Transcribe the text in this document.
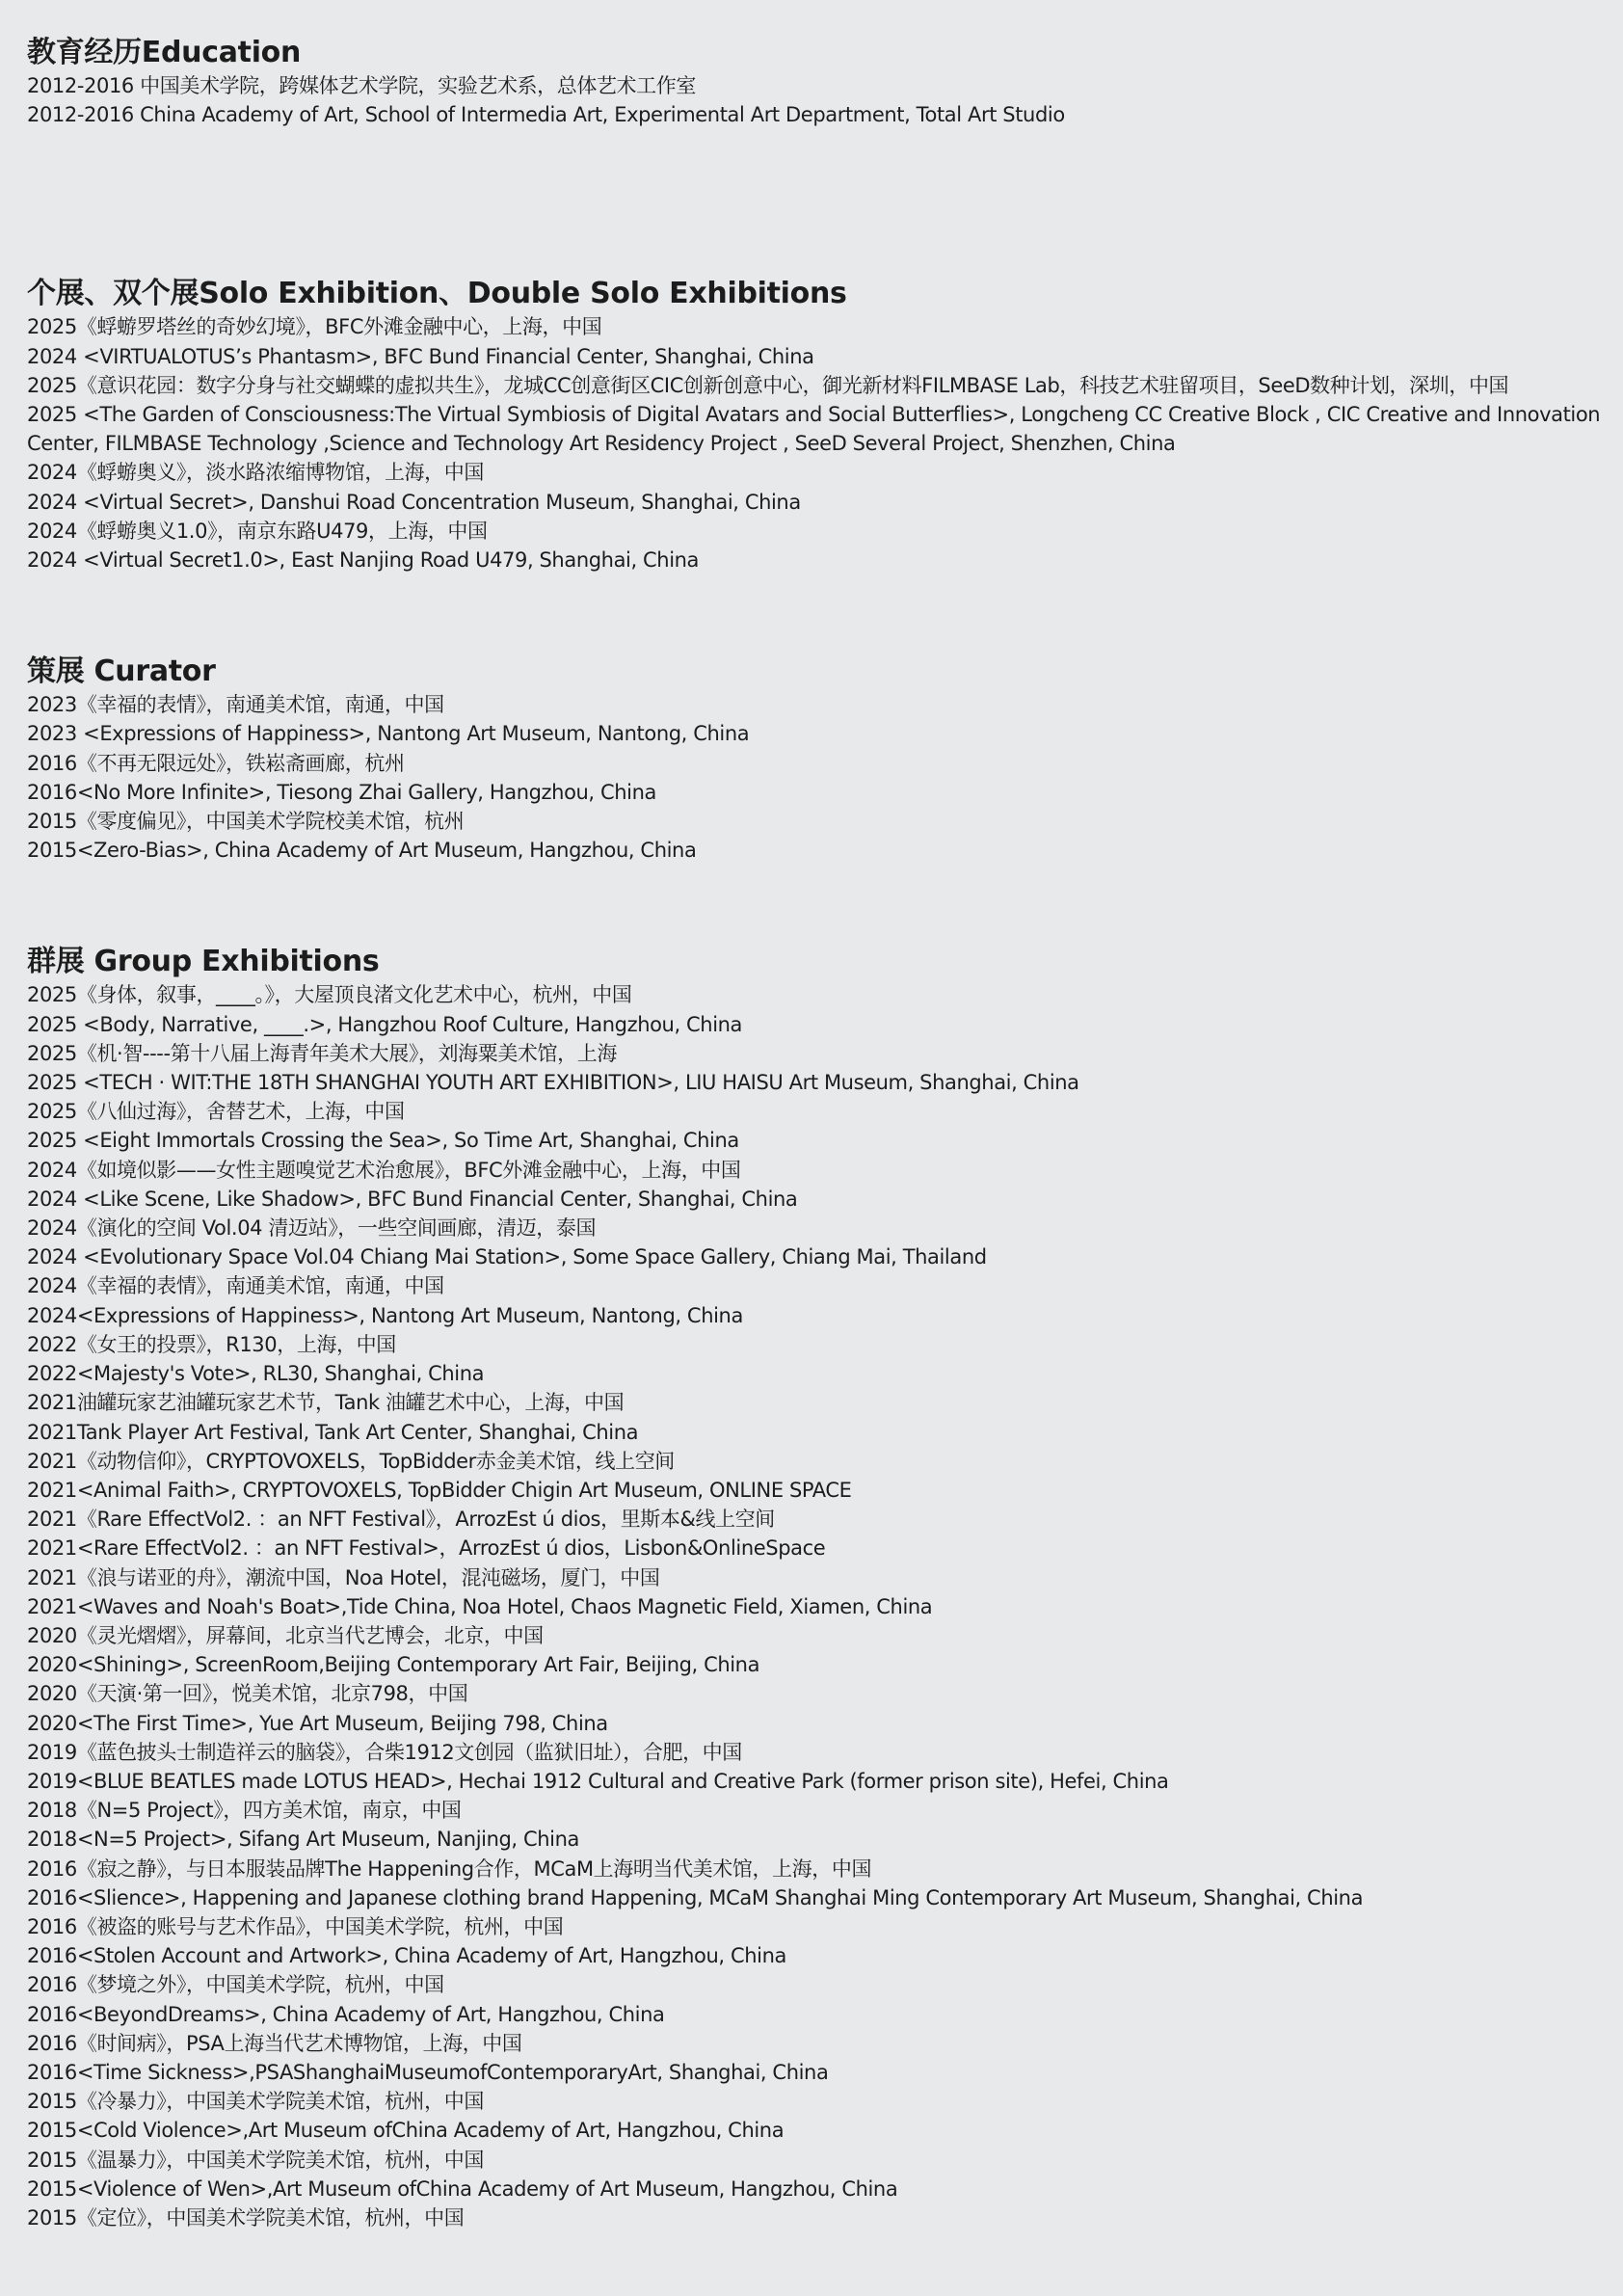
教育经历Education
2012-2016 中国美术学院，跨媒体艺术学院，实验艺术系，总体艺术工作室
2012-2016 China Academy of Art, School of Intermedia Art, Experimental Art Department, Total Art Studio
个展、双个展Solo Exhibition、Double Solo Exhibitions
2025《蜉蝣罗塔丝的奇妙幻境》，BFC外滩金融中心，上海，中国
2024 <VIRTUALOTUS’s Phantasm>, BFC Bund Financial Center, Shanghai, China
2025《意识花园：数字分身与社交蝴蝶的虚拟共生》，龙城CC创意街区CIC创新创意中心，御光新材料FILMBASE Lab，科技艺术驻留项目，SeeD数种计划，深圳，中国
2025 <The Garden of Consciousness:The Virtual Symbiosis of Digital Avatars and Social Butterflies>, Longcheng CC Creative Block , CIC Creative and Innovation Center, FILMBASE Technology ,Science and Technology Art Residency Project , SeeD Several Project, Shenzhen, China
2024《蜉蝣奥义》，淡水路浓缩博物馆，上海，中国
2024 <Virtual Secret>, Danshui Road Concentration Museum, Shanghai, China
2024《蜉蝣奥义1.0》，南京东路U479，上海，中国
2024 <Virtual Secret1.0>, East Nanjing Road U479, Shanghai, China
策展 Curator
2023《幸福的表情》，南通美术馆，南通，中国
2023 <Expressions of Happiness>, Nantong Art Museum, Nantong, China
2016《不再无限远处》，铁崧斋画廊，杭州
2016<No More Infinite>, Tiesong Zhai Gallery, Hangzhou, China
2015《零度偏见》，中国美术学院校美术馆，杭州
2015<Zero-Bias>, China Academy of Art Museum, Hangzhou, China
群展 Group Exhibitions
2025《身体，叙事，____。》，大屋顶良渚文化艺术中心，杭州，中国
2025 <Body, Narrative, ____.>, Hangzhou Roof Culture, Hangzhou, China
2025《机·智----第十八届上海青年美术大展》，刘海粟美术馆，上海
2025 <TECH · WIT:THE 18TH SHANGHAI YOUTH ART EXHIBITION>, LIU HAISU Art Museum, Shanghai, China
2025《八仙过海》，舍替艺术，上海，中国
2025 <Eight Immortals Crossing the Sea>, So Time Art, Shanghai, China
2024《如境似影——女性主题嗅觉艺术治愈展》，BFC外滩金融中心，上海，中国
2024 <Like Scene, Like Shadow>, BFC Bund Financial Center, Shanghai, China
2024《演化的空间 Vol.04 清迈站》，一些空间画廊，清迈，泰国
2024 <Evolutionary Space Vol.04 Chiang Mai Station>, Some Space Gallery, Chiang Mai, Thailand
2024《幸福的表情》，南通美术馆，南通，中国
2024<Expressions of Happiness>, Nantong Art Museum, Nantong, China
2022《女王的投票》，R130，上海，中国
2022<Majesty's Vote>, RL30, Shanghai, China
2021油罐玩家艺油罐玩家艺术节，Tank 油罐艺术中心，上海，中国
2021Tank Player Art Festival, Tank Art Center, Shanghai, China
2021《动物信仰》，CRYPTOVOXELS，TopBidder赤金美术馆，线上空间
2021<Animal Faith>, CRYPTOVOXELS, TopBidder Chigin Art Museum, ONLINE SPACE
2021《Rare EffectVol2. ：an NFT Festival》，ArrozEst ú dios，里斯本&线上空间
2021<Rare EffectVol2. ：an NFT Festival>，ArrozEst ú dios，Lisbon&OnlineSpace
2021《浪与诺亚的舟》，潮流中国，Noa Hotel，混沌磁场，厦门，中国
2021<Waves and Noah's Boat>,Tide China, Noa Hotel, Chaos Magnetic Field, Xiamen, China
2020《灵光熠熠》，屏幕间，北京当代艺博会，北京，中国
2020<Shining>, ScreenRoom,Beijing Contemporary Art Fair, Beijing, China
2020《天演·第一回》，悦美术馆，北京798，中国
2020<The First Time>, Yue Art Museum, Beijing 798, China
2019《蓝色披头士制造祥云的脑袋》，合柴1912文创园（监狱旧址），合肥，中国
2019<BLUE BEATLES made LOTUS HEAD>, Hechai 1912 Cultural and Creative Park (former prison site), Hefei, China
2018《N=5 Project》，四方美术馆，南京，中国
2018<N=5 Project>, Sifang Art Museum, Nanjing, China
2016《寂之静》，与日本服装品牌The Happening合作，MCaM上海明当代美术馆，上海，中国
2016<Slience>, Happening and Japanese clothing brand Happening, MCaM Shanghai Ming Contemporary Art Museum, Shanghai, China
2016《被盗的账号与艺术作品》，中国美术学院，杭州，中国
2016<Stolen Account and Artwork>, China Academy of Art, Hangzhou, China
2016《梦境之外》，中国美术学院，杭州，中国
2016<BeyondDreams>, China Academy of Art, Hangzhou, China
2016《时间病》，PSA上海当代艺术博物馆，上海，中国
2016<Time Sickness>,PSAShanghaiMuseumofContemporaryArt, Shanghai, China
2015《冷暴力》，中国美术学院美术馆，杭州，中国
2015<Cold Violence>,Art Museum ofChina Academy of Art, Hangzhou, China
2015《温暴力》，中国美术学院美术馆，杭州，中国
2015<Violence of Wen>,Art Museum ofChina Academy of Art Museum, Hangzhou, China
2015《定位》，中国美术学院美术馆，杭州，中国
